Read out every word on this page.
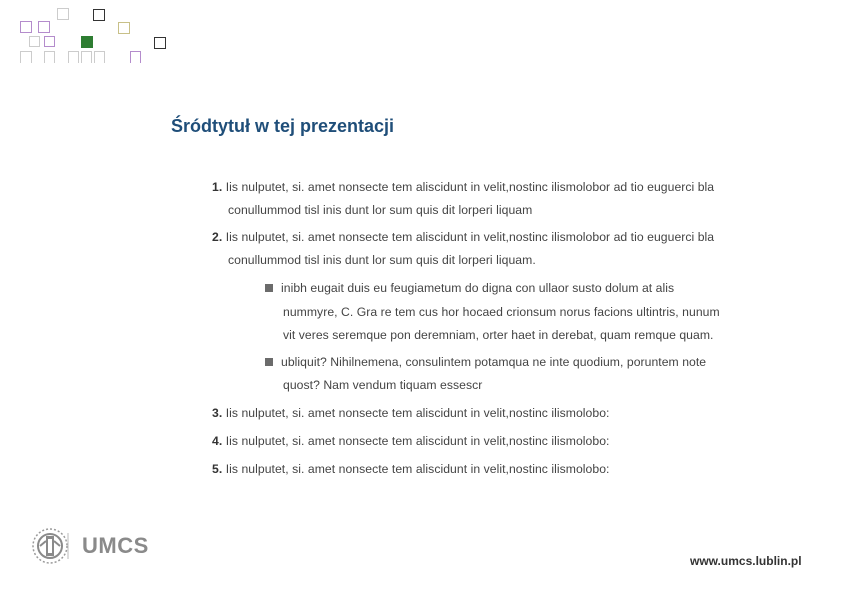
Śródtytuł w tej prezentacji
1. Iis nulputet, si. amet nonsecte tem aliscidunt in velit,nostinc ilismolobor ad tio euguerci bla
conullummod tisl inis dunt lor sum quis dit lorperi liquam
2. Iis nulputet, si. amet nonsecte tem aliscidunt in velit,nostinc ilismolobor ad tio euguerci bla
conullummod tisl inis dunt lor sum quis dit lorperi liquam.
inibh eugait duis eu feugiametum do digna con ullaor susto dolum at alis
nummyre, C. Gra re tem cus hor hocaed crionsum norus facions ultintris, nunum
vit veres seremque pon deremniam, orter haet in derebat, quam remque quam.
ubliquit? Nihilnemena, consulintem potamqua ne inte quodium, poruntem note
quost? Nam vendum tiquam essescr
3. Iis nulputet, si. amet nonsecte tem aliscidunt in velit,nostinc ilismolobo:
4. Iis nulputet, si. amet nonsecte tem aliscidunt in velit,nostinc ilismolobo:
5. Iis nulputet, si. amet nonsecte tem aliscidunt in velit,nostinc ilismolobo:
UMCS
www.umcs.lublin.pl
